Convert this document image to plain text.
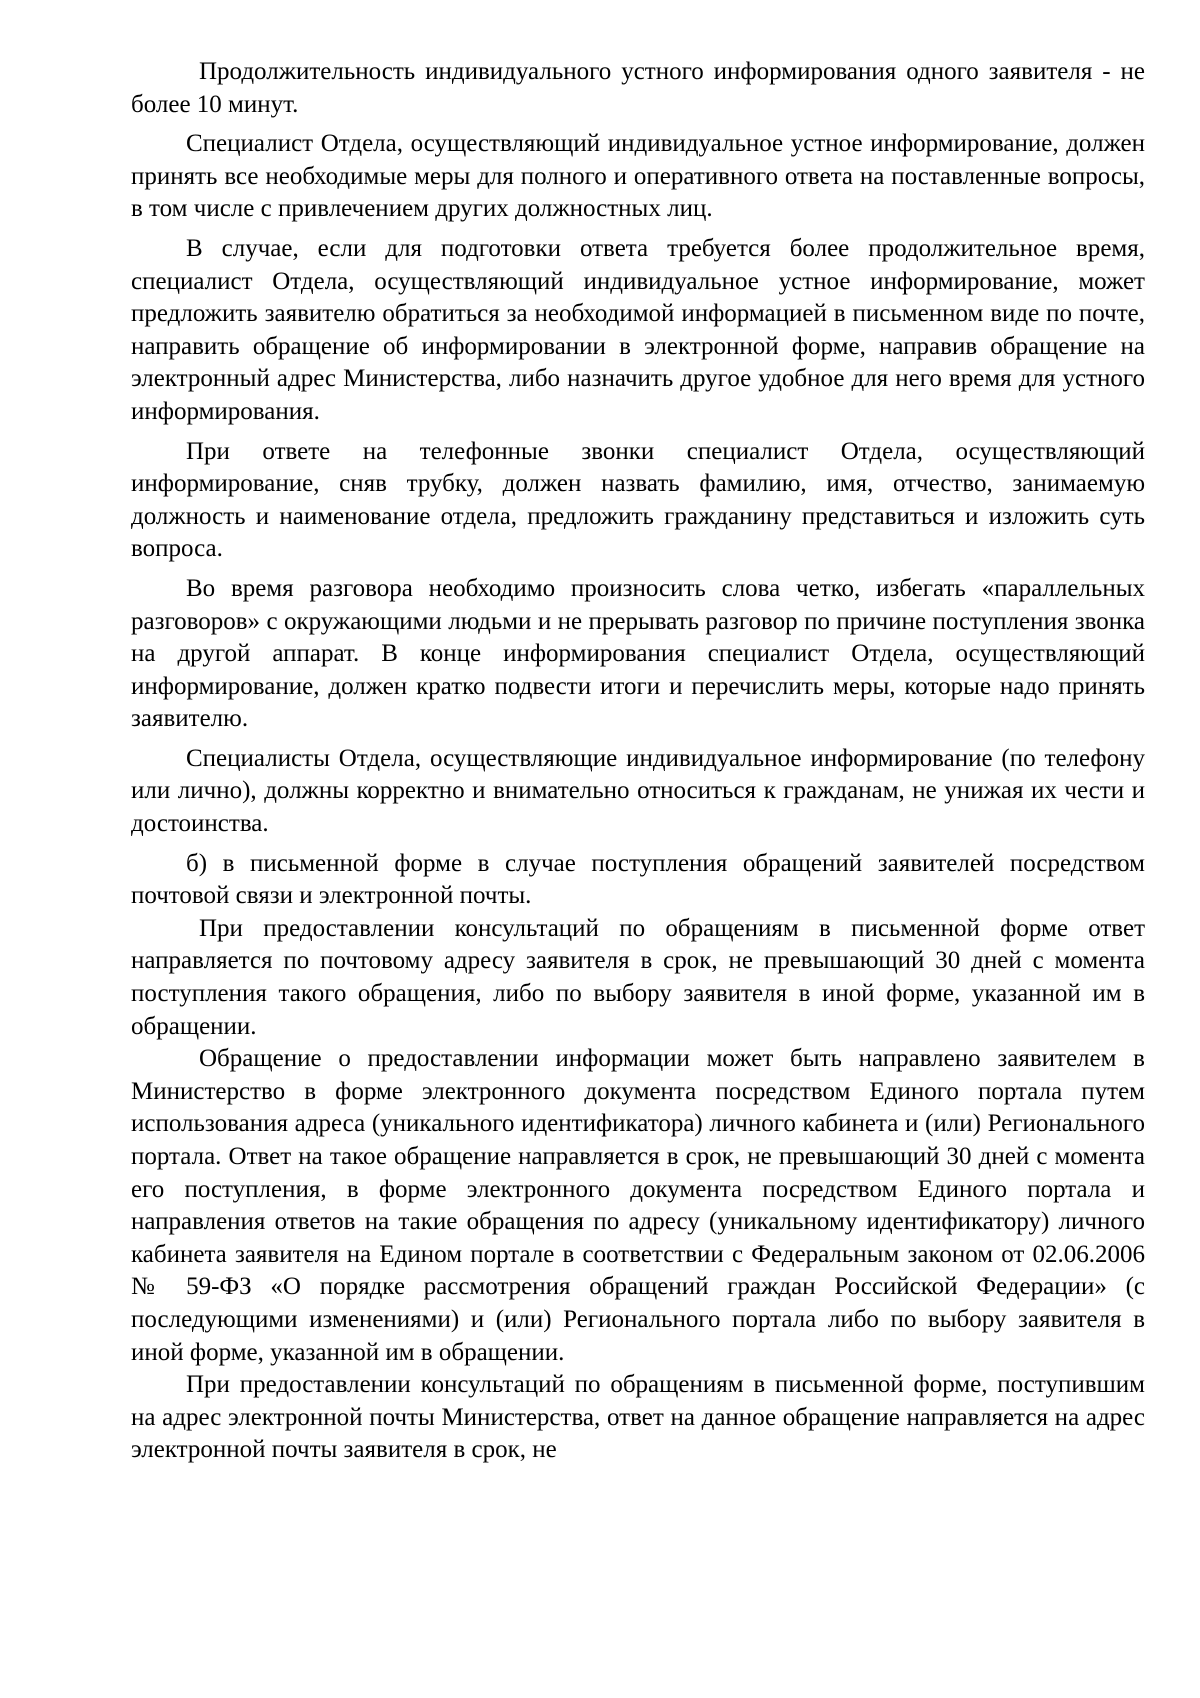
Продолжительность индивидуального устного информирования одного заявителя - не более 10 минут.

Специалист Отдела, осуществляющий индивидуальное устное информирование, должен принять все необходимые меры для полного и оперативного ответа на поставленные вопросы, в том числе с привлечением других должностных лиц.

В случае, если для подготовки ответа требуется более продолжительное время, специалист Отдела, осуществляющий индивидуальное устное информирование, может предложить заявителю обратиться за необходимой информацией в письменном виде по почте, направить обращение об информировании в электронной форме, направив обращение на электронный адрес Министерства, либо назначить другое удобное для него время для устного информирования.

При ответе на телефонные звонки специалист Отдела, осуществляющий информирование, сняв трубку, должен назвать фамилию, имя, отчество, занимаемую должность и наименование отдела, предложить гражданину представиться и изложить суть вопроса.

Во время разговора необходимо произносить слова четко, избегать «параллельных разговоров» с окружающими людьми и не прерывать разговор по причине поступления звонка на другой аппарат. В конце информирования специалист Отдела, осуществляющий информирование, должен кратко подвести итоги и перечислить меры, которые надо принять заявителю.

Специалисты Отдела, осуществляющие индивидуальное информирование (по телефону или лично), должны корректно и внимательно относиться к гражданам, не унижая их чести и достоинства.

б) в письменной форме в случае поступления обращений заявителей посредством почтовой связи и электронной почты.

При предоставлении консультаций по обращениям в письменной форме ответ направляется по почтовому адресу заявителя в срок, не превышающий 30 дней с момента поступления такого обращения, либо по выбору заявителя в иной форме, указанной им в обращении.

Обращение о предоставлении информации может быть направлено заявителем в Министерство в форме электронного документа посредством Единого портала путем использования адреса (уникального идентификатора) личного кабинета и (или) Регионального портала. Ответ на такое обращение направляется в срок, не превышающий 30 дней с момента его поступления, в форме электронного документа посредством Единого портала и направления ответов на такие обращения по адресу (уникальному идентификатору) личного кабинета заявителя на Едином портале в соответствии с Федеральным законом от 02.06.2006 № 59-ФЗ «О порядке рассмотрения обращений граждан Российской Федерации» (с последующими изменениями) и (или) Регионального портала либо по выбору заявителя в иной форме, указанной им в обращении.

При предоставлении консультаций по обращениям в письменной форме, поступившим на адрес электронной почты Министерства, ответ на данное обращение направляется на адрес электронной почты заявителя в срок, не
